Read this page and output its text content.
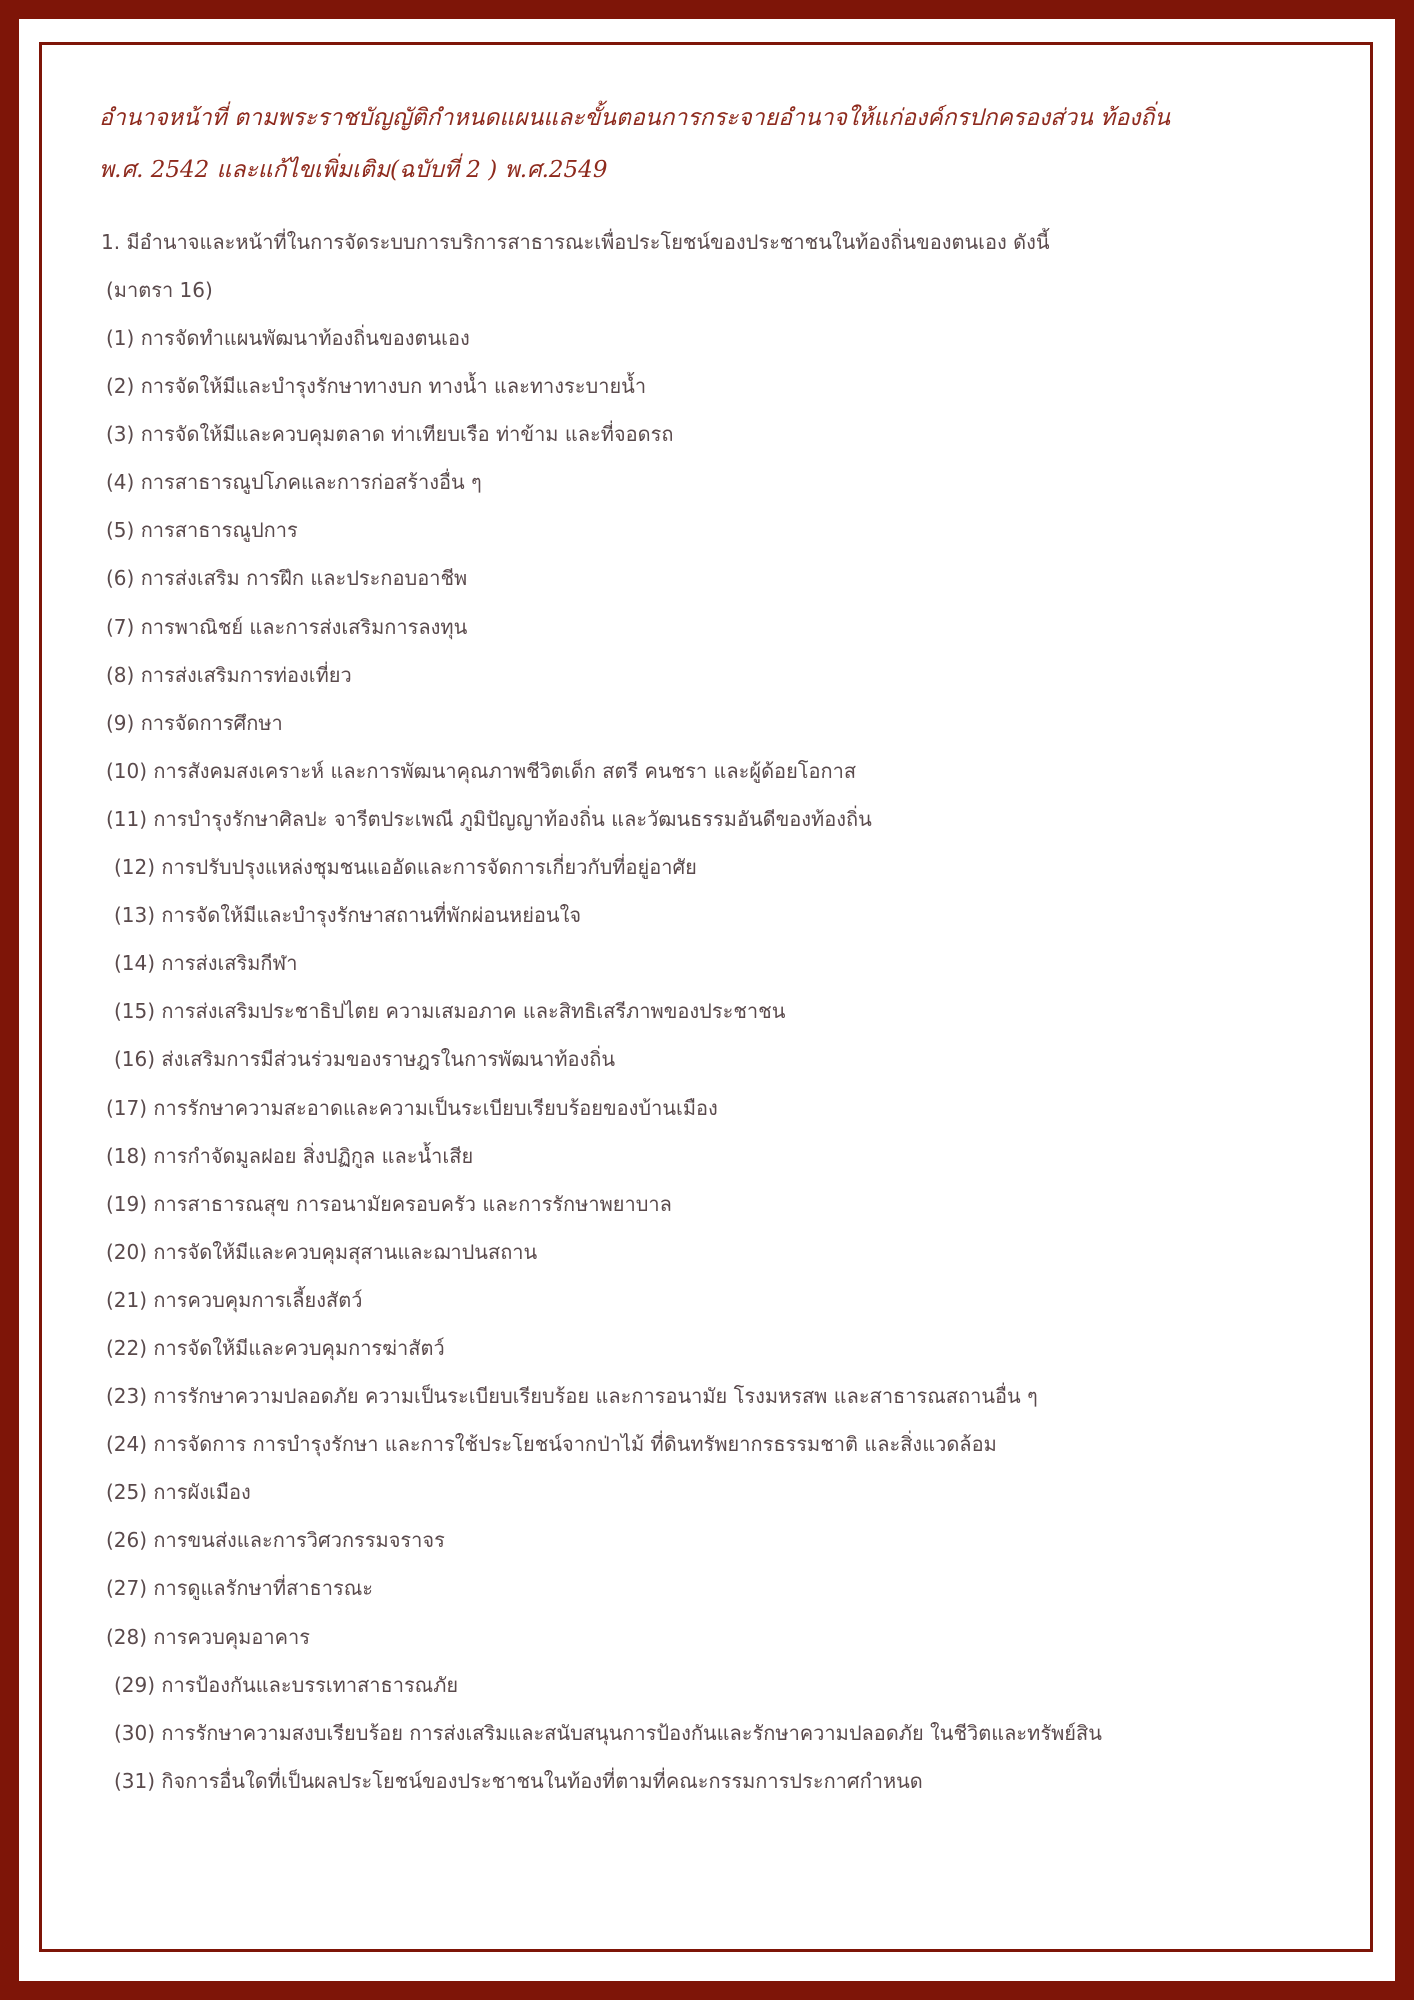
อำนาจหน้าที่ ตามพระราชบัญญัติกำหนดแผนและขั้นตอนการกระจายอำนาจให้แก่องค์กรปกครองส่วน ท้องถิ่น
พ.ศ. 2542 และแก้ไขเพิ่มเติม(ฉบับที่ 2 ) พ.ศ.2549

1. มีอำนาจและหน้าที่ในการจัดระบบการบริการสาธารณะเพื่อประโยชน์ของประชาชนในท้องถิ่นของตนเอง ดังนี้

(มาตรา 16)

(1) การจัดทำแผนพัฒนาท้องถิ่นของตนเอง
(2) การจัดให้มีและบำรุงรักษาทางบก ทางน้ำ และทางระบายน้ำ
(3) การจัดให้มีและควบคุมตลาด ท่าเทียบเรือ ท่าข้าม และที่จอดรถ
(4) การสาธารณูปโภคและการก่อสร้างอื่น ๆ
(5) การสาธารณูปการ
(6) การส่งเสริม การฝึก และประกอบอาชีพ
(7) การพาณิชย์ และการส่งเสริมการลงทุน
(8) การส่งเสริมการท่องเที่ยว
(9) การจัดการศึกษา
(10) การสังคมสงเคราะห์ และการพัฒนาคุณภาพชีวิตเด็ก สตรี คนชรา และผู้ด้อยโอกาส
(11) การบำรุงรักษาศิลปะ จารีตประเพณี ภูมิปัญญาท้องถิ่น และวัฒนธรรมอันดีของท้องถิ่น
(12) การปรับปรุงแหล่งชุมชนแออัดและการจัดการเกี่ยวกับที่อยู่อาศัย
(13) การจัดให้มีและบำรุงรักษาสถานที่พักผ่อนหย่อนใจ
(14) การส่งเสริมกีฬา
(15) การส่งเสริมประชาธิปไตย ความเสมอภาค และสิทธิเสรีภาพของประชาชน
(16) ส่งเสริมการมีส่วนร่วมของราษฎรในการพัฒนาท้องถิ่น
(17) การรักษาความสะอาดและความเป็นระเบียบเรียบร้อยของบ้านเมือง
(18) การกำจัดมูลฝอย สิ่งปฏิกูล และน้ำเสีย
(19) การสาธารณสุข การอนามัยครอบครัว และการรักษาพยาบาล
(20) การจัดให้มีและควบคุมสุสานและฌาปนสถาน
(21) การควบคุมการเลี้ยงสัตว์
(22) การจัดให้มีและควบคุมการฆ่าสัตว์
(23) การรักษาความปลอดภัย ความเป็นระเบียบเรียบร้อย และการอนามัย โรงมหรสพ และสาธารณสถานอื่น ๆ
(24) การจัดการ การบำรุงรักษา และการใช้ประโยชน์จากป่าไม้ ที่ดินทรัพยากรธรรมชาติ และสิ่งแวดล้อม
(25) การผังเมือง
(26) การขนส่งและการวิศวกรรมจราจร
(27) การดูแลรักษาที่สาธารณะ
(28) การควบคุมอาคาร
(29) การป้องกันและบรรเทาสาธารณภัย
(30) การรักษาความสงบเรียบร้อย การส่งเสริมและสนับสนุนการป้องกันและรักษาความปลอดภัย ในชีวิตและทรัพย์สิน
(31) กิจการอื่นใดที่เป็นผลประโยชน์ของประชาชนในท้องที่ตามที่คณะกรรมการประกาศกำหนด
